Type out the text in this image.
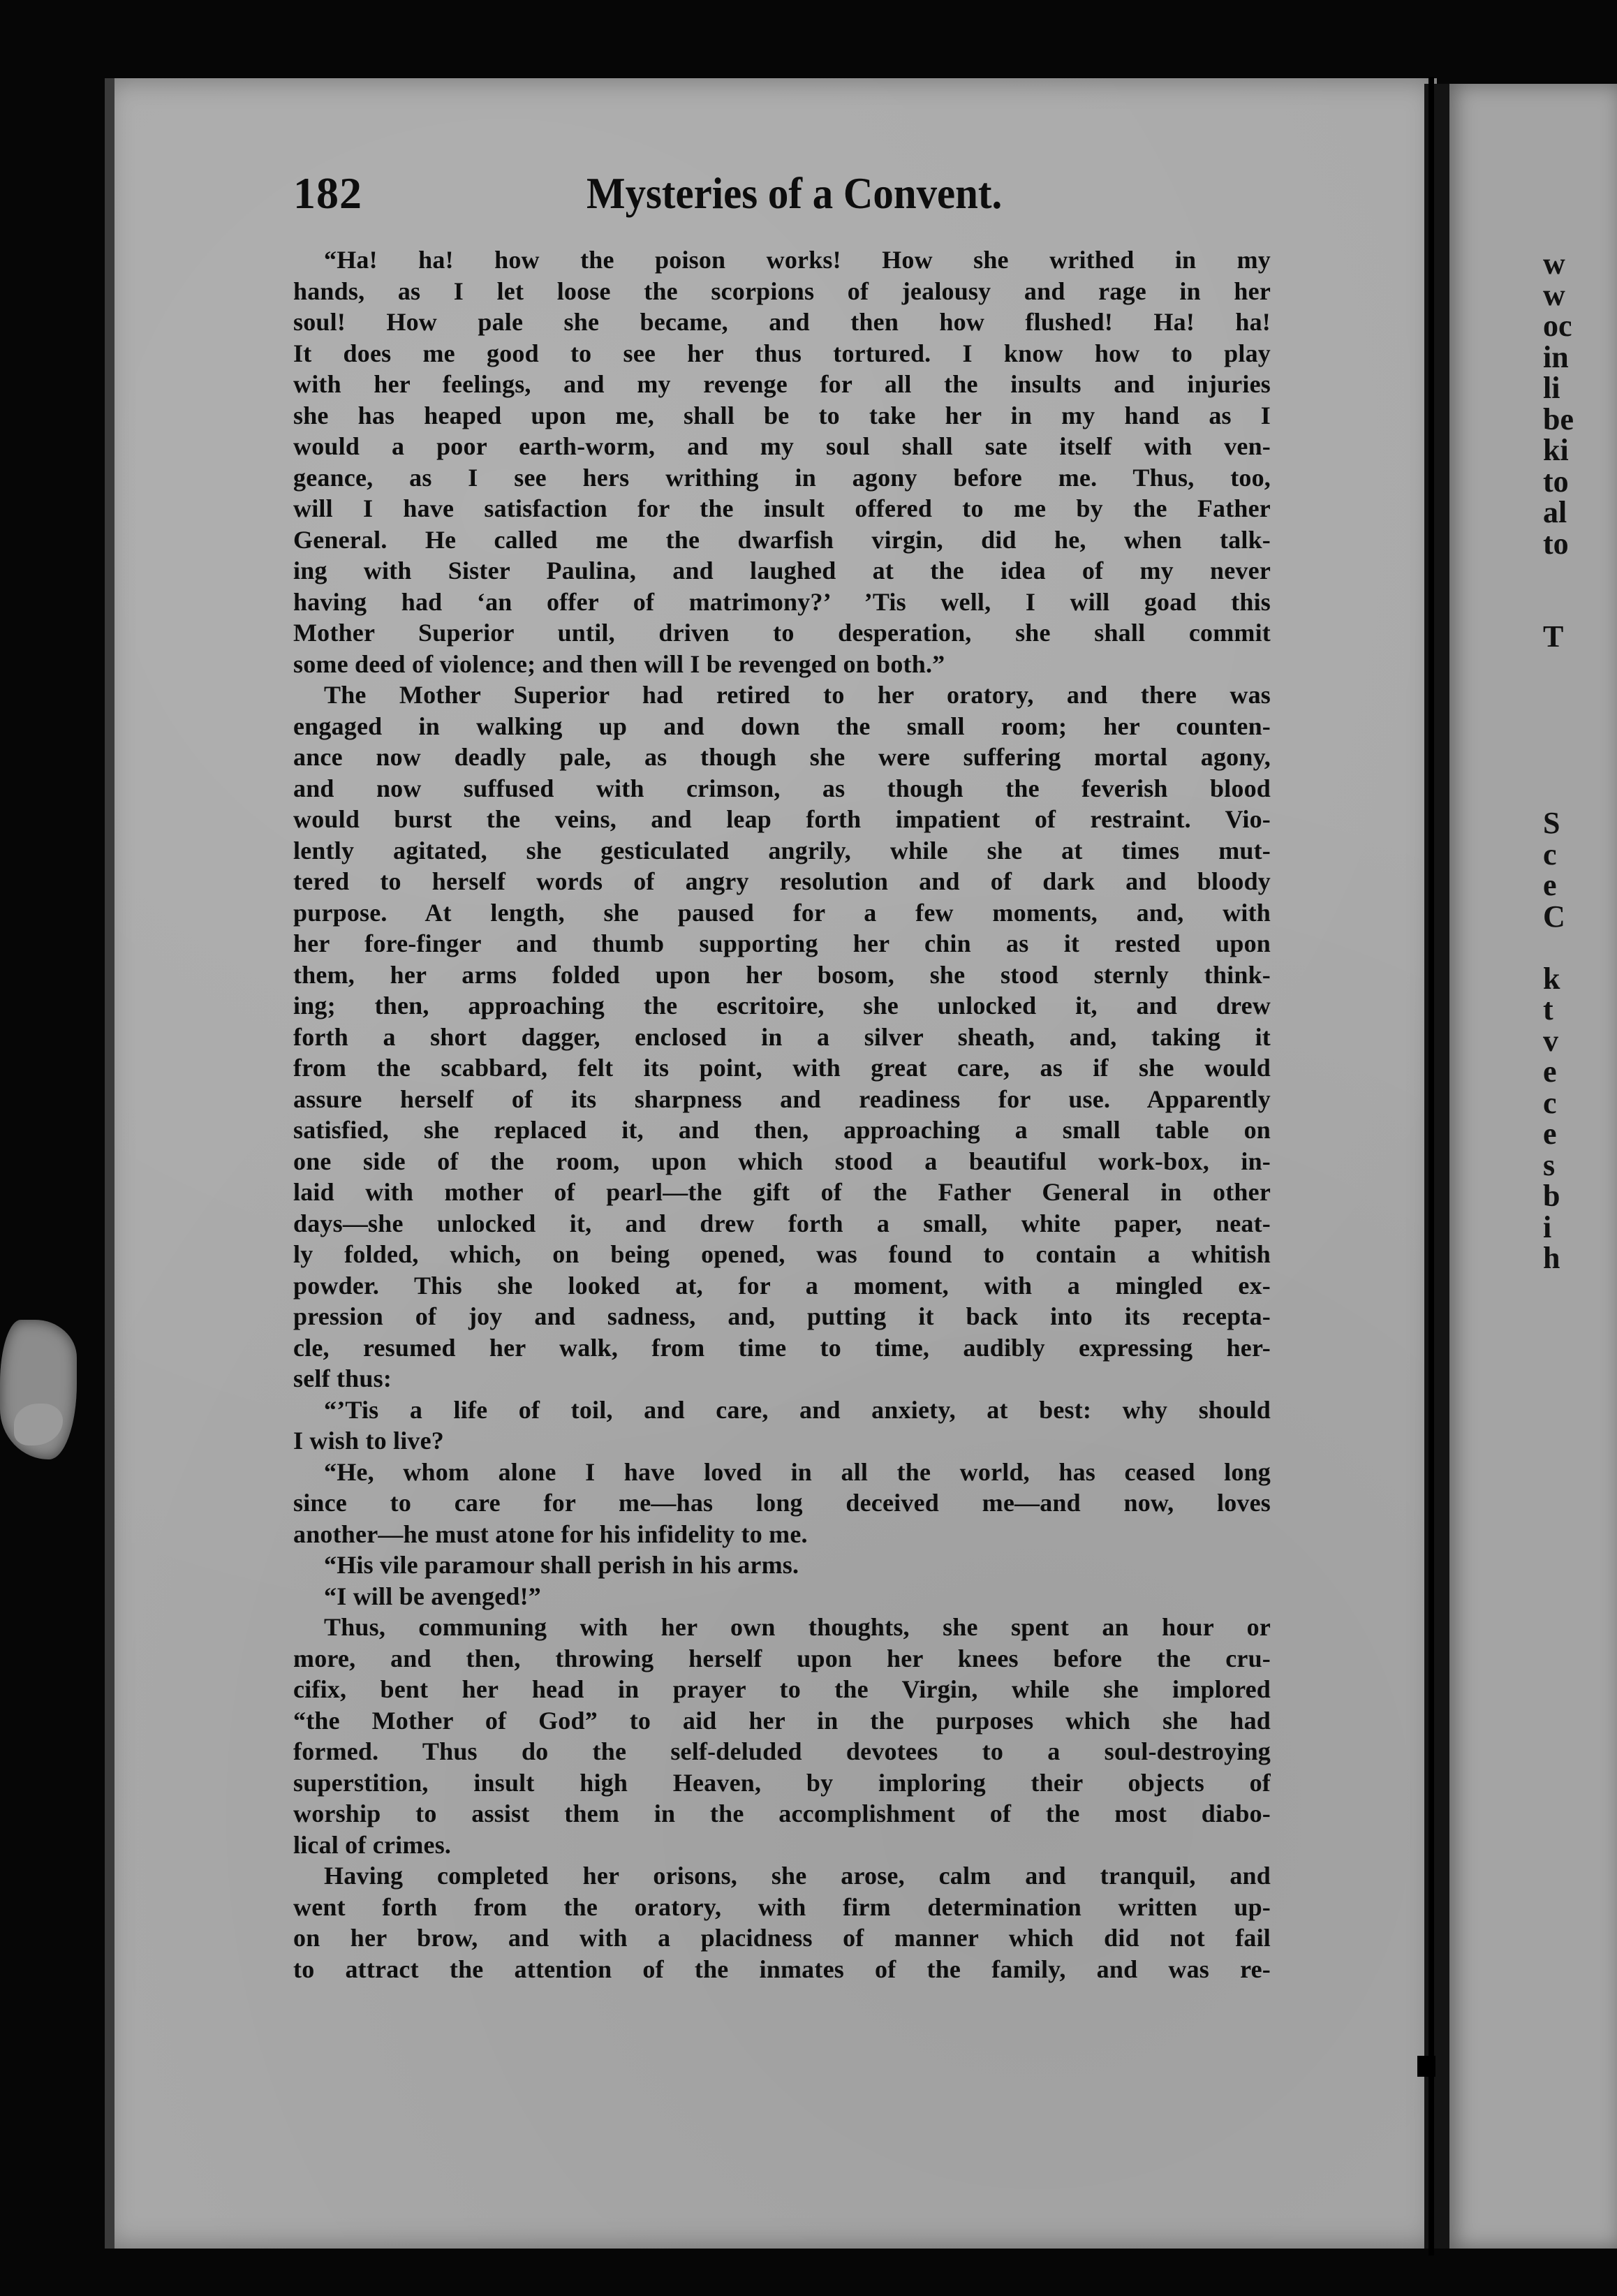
182	Mysteries of a Convent.
“Ha! ha! how the poison works! How she writhed in my
hands, as I let loose the scorpions of jealousy and rage in her
soul! How pale she became, and then how flushed! Ha! ha!
It does me good to see her thus tortured. I know how to play
with her feelings, and my revenge for all the insults and injuries
she has heaped upon me, shall be to take her in my hand as I
would a poor earth-worm, and my soul shall sate itself with ven-
geance, as I see hers writhing in agony before me. Thus, too,
will I have satisfaction for the insult offered to me by the Father
General. He called me the dwarfish virgin, did he, when talk-
ing with Sister Paulina, and laughed at the idea of my never
having had ‘an offer of matrimony?’ ’Tis well, I will goad this
Mother Superior until, driven to desperation, she shall commit
some deed of violence; and then will I be revenged on both.”
The Mother Superior had retired to her oratory, and there was
engaged in walking up and down the small room; her counten-
ance now deadly pale, as though she were suffering mortal agony,
and now suffused with crimson, as though the feverish blood
would burst the veins, and leap forth impatient of restraint. Vio-
lently agitated, she gesticulated angrily, while she at times mut-
tered to herself words of angry resolution and of dark and bloody
purpose. At length, she paused for a few moments, and, with
her fore-finger and thumb supporting her chin as it rested upon
them, her arms folded upon her bosom, she stood sternly think-
ing; then, approaching the escritoire, she unlocked it, and drew
forth a short dagger, enclosed in a silver sheath, and, taking it
from the scabbard, felt its point, with great care, as if she would
assure herself of its sharpness and readiness for use. Apparently
satisfied, she replaced it, and then, approaching a small table on
one side of the room, upon which stood a beautiful work-box, in-
laid with mother of pearl—the gift of the Father General in other
days—she unlocked it, and drew forth a small, white paper, neat-
ly folded, which, on being opened, was found to contain a whitish
powder. This she looked at, for a moment, with a mingled ex-
pression of joy and sadness, and, putting it back into its recepta-
cle, resumed her walk, from time to time, audibly expressing her-
self thus:
“’Tis a life of toil, and care, and anxiety, at best: why should
I wish to live?
“He, whom alone I have loved in all the world, has ceased long
since to care for me—has long deceived me—and now, loves
another—he must atone for his infidelity to me.
“His vile paramour shall perish in his arms.
“I will be avenged!”
Thus, communing with her own thoughts, she spent an hour or
more, and then, throwing herself upon her knees before the cru-
cifix, bent her head in prayer to the Virgin, while she implored
“the Mother of God” to aid her in the purposes which she had
formed. Thus do the self-deluded devotees to a soul-destroying
superstition, insult high Heaven, by imploring their objects of
worship to assist them in the accomplishment of the most diabo-
lical of crimes.
Having completed her orisons, she arose, calm and tranquil, and
went forth from the oratory, with firm determination written up-
on her brow, and with a placidness of manner which did not fail
to attract the attention of the inmates of the family, and was re-
w
w
oc
in
li
be
ki
to
al
to
T
S
c
e
C
k
t
v
e
c
e
s
b
i
h
